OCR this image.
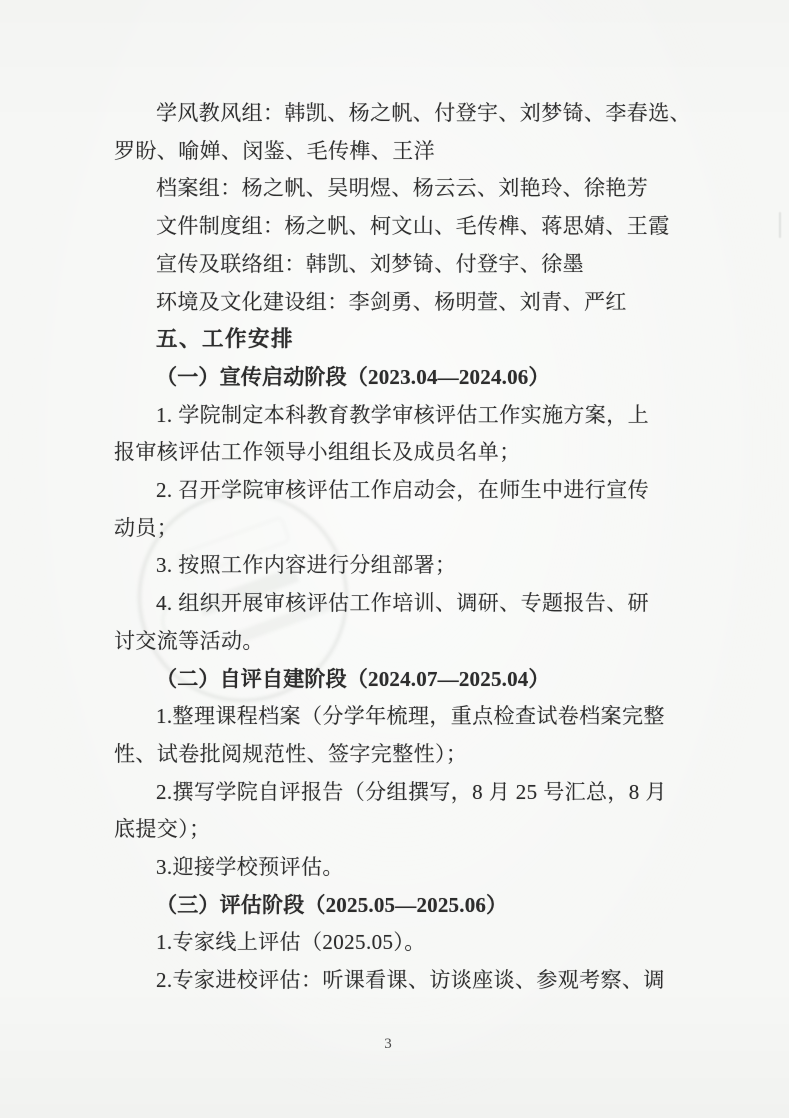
学风教风组：韩凯、杨之帆、付登宇、刘梦锜、李春选、
罗盼、喻婵、闵鉴、毛传榫、王洋
档案组：杨之帆、吴明煜、杨云云、刘艳玲、徐艳芳
文件制度组：杨之帆、柯文山、毛传榫、蒋思婧、王霞
宣传及联络组：韩凯、刘梦锜、付登宇、徐墨
环境及文化建设组：李剑勇、杨明萱、刘青、严红
五、工作安排
（一）宣传启动阶段（2023.04—2024.06）
1. 学院制定本科教育教学审核评估工作实施方案，上
报审核评估工作领导小组组长及成员名单；
2. 召开学院审核评估工作启动会，在师生中进行宣传
动员；
3. 按照工作内容进行分组部署；
4. 组织开展审核评估工作培训、调研、专题报告、研
讨交流等活动。
（二）自评自建阶段（2024.07—2025.04）
1.整理课程档案（分学年梳理，重点检查试卷档案完整
性、试卷批阅规范性、签字完整性）；
2.撰写学院自评报告（分组撰写，8 月 25 号汇总，8 月
底提交）；
3.迎接学校预评估。
（三）评估阶段（2025.05—2025.06）
1.专家线上评估（2025.05）。
2.专家进校评估：听课看课、访谈座谈、参观考察、调
3
